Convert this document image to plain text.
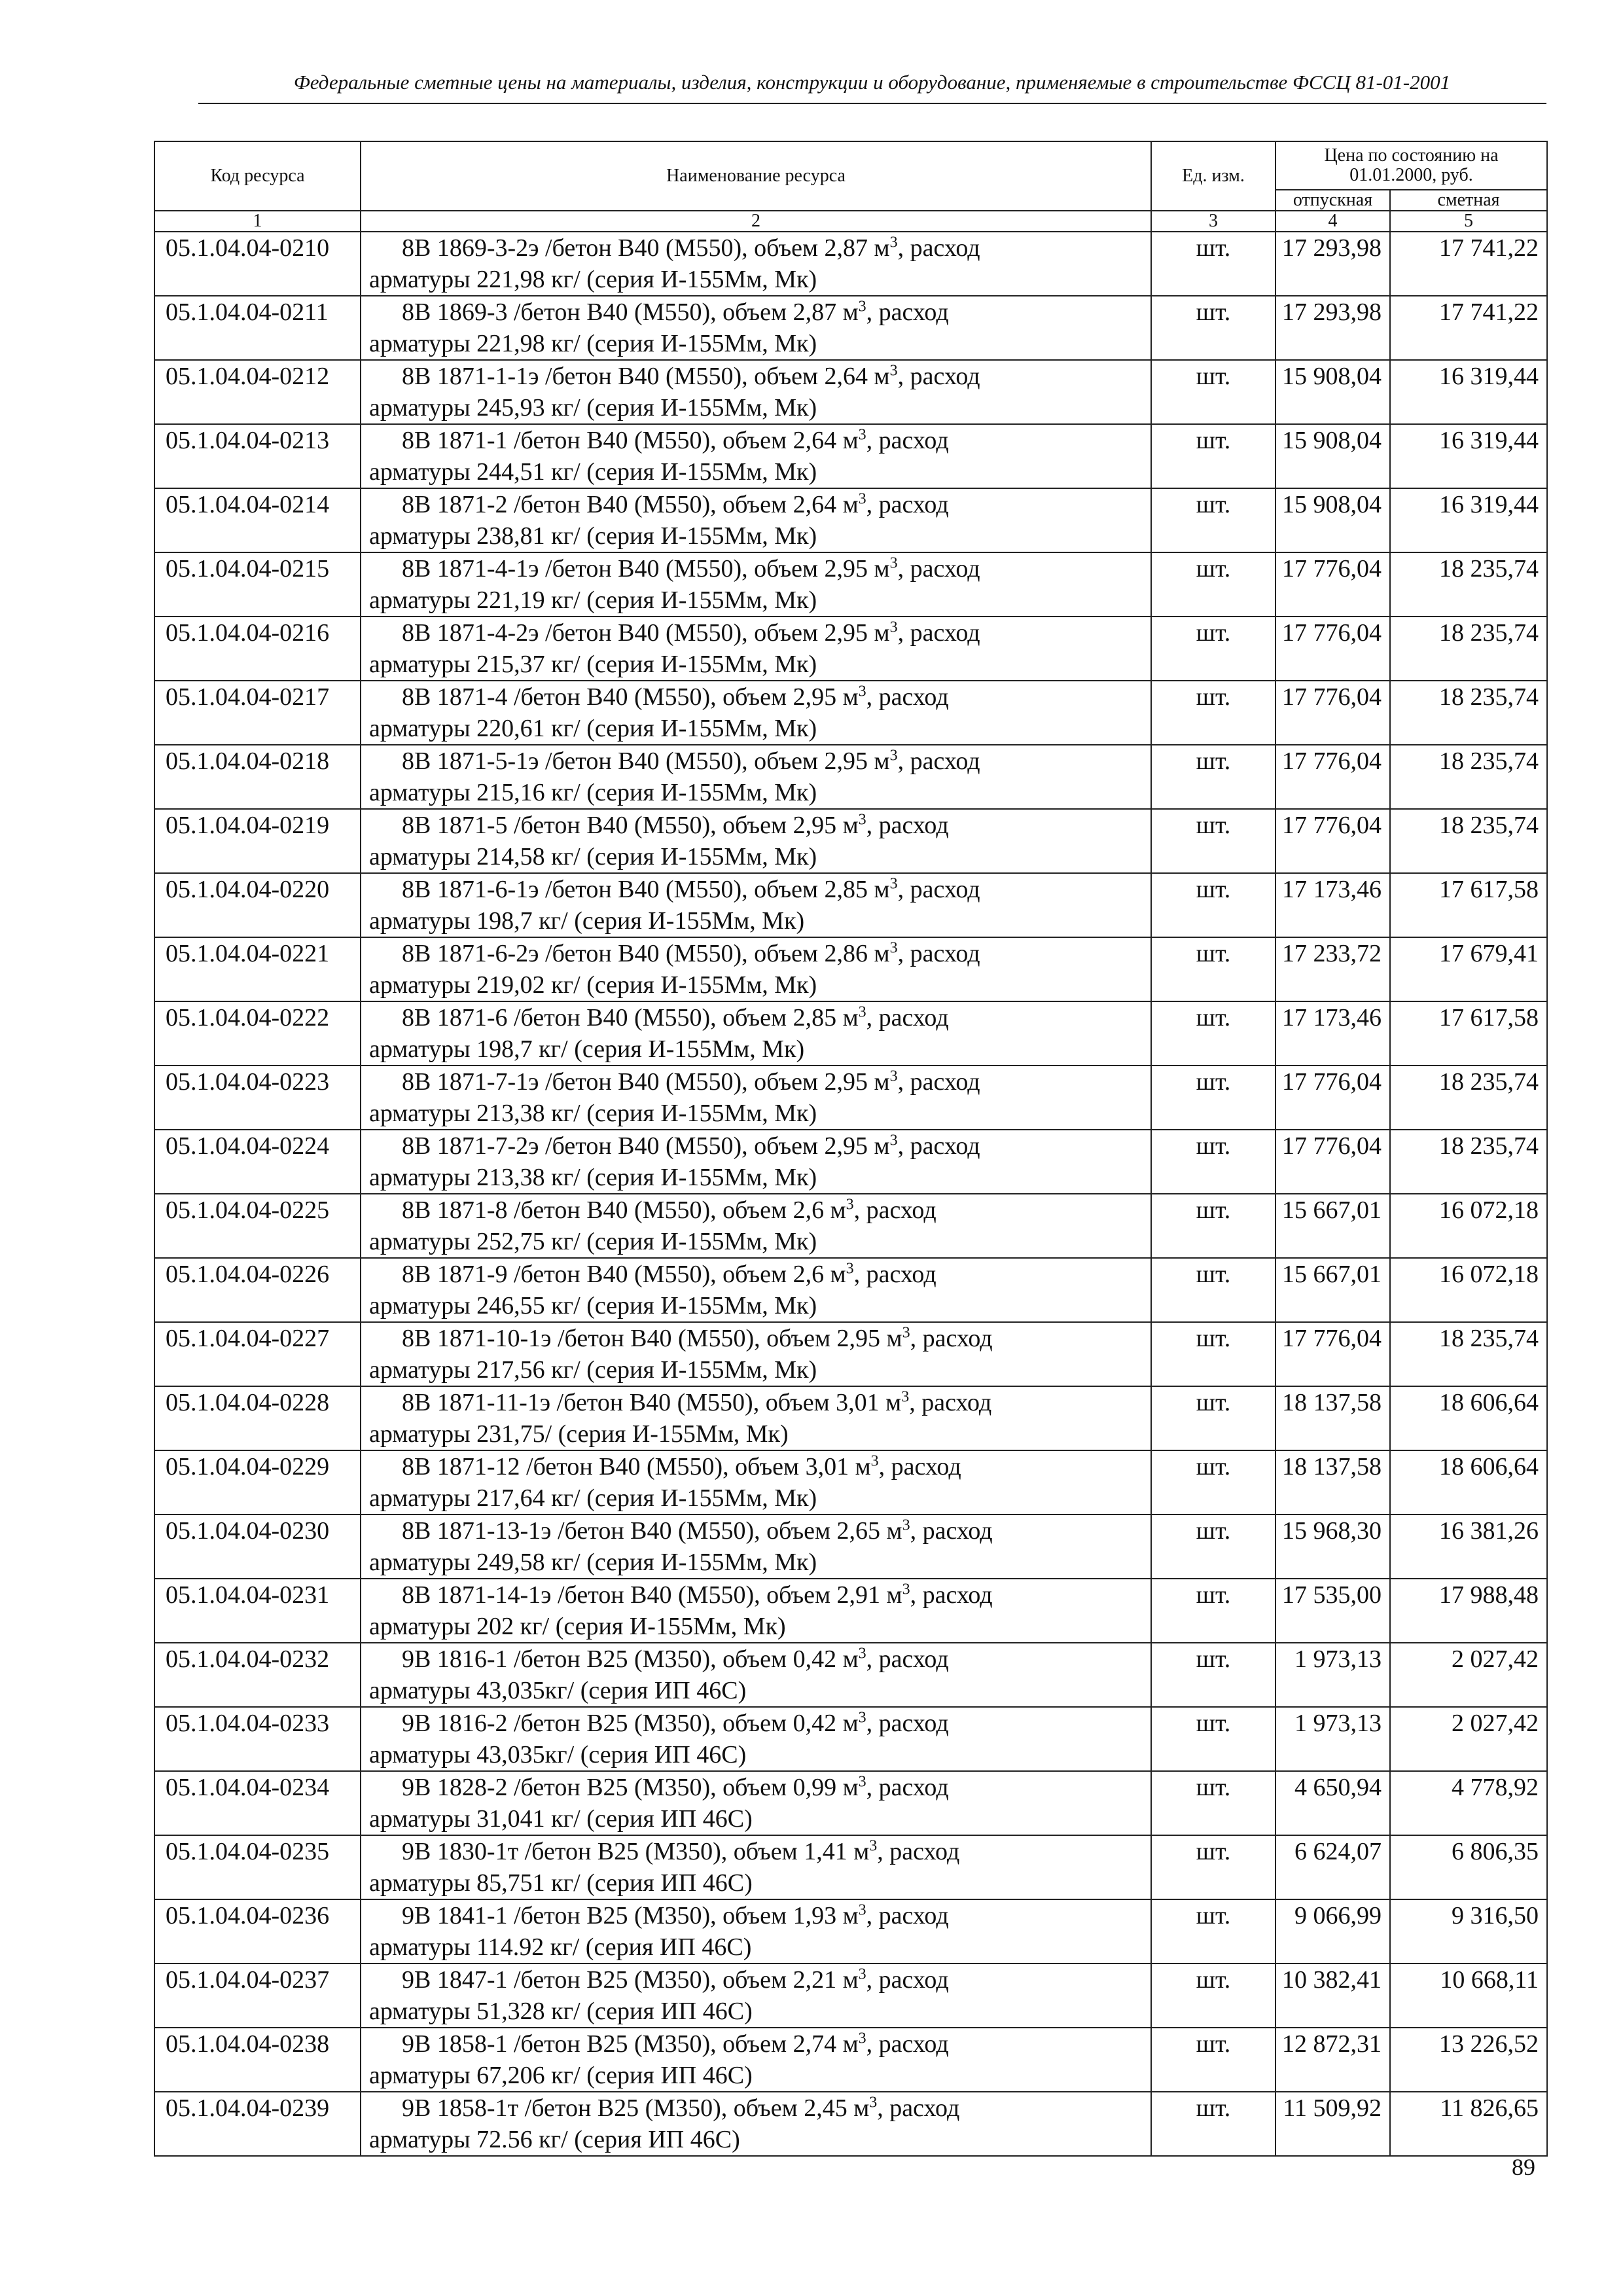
Федеральные сметные цены на материалы, изделия, конструкции и оборудование, применяемые в строительстве ФССЦ 81-01-2001
Код ресурса	Наименование ресурса	Ед. изм.	Цена по состоянию на 01.01.2000, руб.	
			отпускная	сметная
1	2	3	4	5
05.1.04.04-0210	8В 1869-3-2э /бетон В40 (М550), объем 2,87 $м^3$, расход
арматуры 221,98 кг/ (серия И-155Мм, Мк)	шт.	17 293,98	17 741,22
05.1.04.04-0211	8В 1869-3 /бетон В40 (М550), объем 2,87 $м^3$, расход
арматуры 221,98 кг/ (серия И-155Мм, Мк)	шт.	17 293,98	17 741,22
05.1.04.04-0212	8В 1871-1-1э /бетон В40 (М550), объем 2,64 $м^3$, расход
арматуры 245,93 кг/ (серия И-155Мм, Мк)	шт.	15 908,04	16 319,44
05.1.04.04-0213	8В 1871-1 /бетон В40 (М550), объем 2,64 $м^3$, расход
арматуры 244,51 кг/ (серия И-155Мм, Мк)	шт.	15 908,04	16 319,44
05.1.04.04-0214	8В 1871-2 /бетон В40 (М550), объем 2,64 $м^3$, расход
арматуры 238,81 кг/ (серия И-155Мм, Мк)	шт.	15 908,04	16 319,44
05.1.04.04-0215	8В 1871-4-1э /бетон В40 (М550), объем 2,95 $м^3$, расход
арматуры 221,19 кг/ (серия И-155Мм, Мк)	шт.	17 776,04	18 235,74
05.1.04.04-0216	8В 1871-4-2э /бетон В40 (М550), объем 2,95 $м^3$, расход
арматуры 215,37 кг/ (серия И-155Мм, Мк)	шт.	17 776,04	18 235,74
05.1.04.04-0217	8В 1871-4 /бетон В40 (М550), объем 2,95 $м^3$, расход
арматуры 220,61 кг/ (серия И-155Мм, Мк)	шт.	17 776,04	18 235,74
05.1.04.04-0218	8В 1871-5-1э /бетон В40 (М550), объем 2,95 $м^3$, расход
арматуры 215,16 кг/ (серия И-155Мм, Мк)	шт.	17 776,04	18 235,74
05.1.04.04-0219	8В 1871-5 /бетон В40 (М550), объем 2,95 $м^3$, расход
арматуры 214,58 кг/ (серия И-155Мм, Мк)	шт.	17 776,04	18 235,74
05.1.04.04-0220	8В 1871-6-1э /бетон В40 (М550), объем 2,85 $м^3$, расход
арматуры 198,7 кг/ (серия И-155Мм, Мк)	шт.	17 173,46	17 617,58
05.1.04.04-0221	8В 1871-6-2э /бетон В40 (М550), объем 2,86 $м^3$, расход
арматуры 219,02 кг/ (серия И-155Мм, Мк)	шт.	17 233,72	17 679,41
05.1.04.04-0222	8В 1871-6 /бетон В40 (М550), объем 2,85 $м^3$, расход
арматуры 198,7 кг/ (серия И-155Мм, Мк)	шт.	17 173,46	17 617,58
05.1.04.04-0223	8В 1871-7-1э /бетон В40 (М550), объем 2,95 $м^3$, расход
арматуры 213,38 кг/ (серия И-155Мм, Мк)	шт.	17 776,04	18 235,74
05.1.04.04-0224	8В 1871-7-2э /бетон В40 (М550), объем 2,95 $м^3$, расход
арматуры 213,38 кг/ (серия И-155Мм, Мк)	шт.	17 776,04	18 235,74
05.1.04.04-0225	8В 1871-8 /бетон В40 (М550), объем 2,6 $м^3$, расход
арматуры 252,75 кг/ (серия И-155Мм, Мк)	шт.	15 667,01	16 072,18
05.1.04.04-0226	8В 1871-9 /бетон В40 (М550), объем 2,6 $м^3$, расход
арматуры 246,55 кг/ (серия И-155Мм, Мк)	шт.	15 667,01	16 072,18
05.1.04.04-0227	8В 1871-10-1э /бетон В40 (М550), объем 2,95 $м^3$, расход
арматуры 217,56 кг/ (серия И-155Мм, Мк)	шт.	17 776,04	18 235,74
05.1.04.04-0228	8В 1871-11-1э /бетон В40 (М550), объем 3,01 $м^3$, расход
арматуры 231,75/ (серия И-155Мм, Мк)	шт.	18 137,58	18 606,64
05.1.04.04-0229	8В 1871-12 /бетон В40 (М550), объем 3,01 $м^3$, расход
арматуры 217,64 кг/ (серия И-155Мм, Мк)	шт.	18 137,58	18 606,64
05.1.04.04-0230	8В 1871-13-1э /бетон В40 (М550), объем 2,65 $м^3$, расход
арматуры 249,58 кг/ (серия И-155Мм, Мк)	шт.	15 968,30	16 381,26
05.1.04.04-0231	8В 1871-14-1э /бетон В40 (М550), объем 2,91 $м^3$, расход
арматуры 202 кг/ (серия И-155Мм, Мк)	шт.	17 535,00	17 988,48
05.1.04.04-0232	9В 1816-1 /бетон В25 (М350), объем 0,42 $м^3$, расход
арматуры 43,035кг/ (серия ИП 46С)	шт.	1 973,13	2 027,42
05.1.04.04-0233	9В 1816-2 /бетон В25 (М350), объем 0,42 $м^3$, расход
арматуры 43,035кг/ (серия ИП 46С)	шт.	1 973,13	2 027,42
05.1.04.04-0234	9В 1828-2 /бетон В25 (М350), объем 0,99 $м^3$, расход
арматуры 31,041 кг/ (серия ИП 46С)	шт.	4 650,94	4 778,92
05.1.04.04-0235	9В 1830-1т /бетон В25 (М350), объем 1,41 $м^3$, расход
арматуры 85,751 кг/ (серия ИП 46С)	шт.	6 624,07	6 806,35
05.1.04.04-0236	9В 1841-1 /бетон В25 (М350), объем 1,93 $м^3$, расход
арматуры 114.92 кг/ (серия ИП 46С)	шт.	9 066,99	9 316,50
05.1.04.04-0237	9В 1847-1 /бетон В25 (М350), объем 2,21 $м^3$, расход
арматуры 51,328 кг/ (серия ИП 46С)	шт.	10 382,41	10 668,11
05.1.04.04-0238	9В 1858-1 /бетон В25 (М350), объем 2,74 $м^3$, расход
арматуры 67,206 кг/ (серия ИП 46С)	шт.	12 872,31	13 226,52
05.1.04.04-0239	9В 1858-1т /бетон В25 (М350), объем 2,45 $м^3$, расход
арматуры 72.56 кг/ (серия ИП 46С)	шт.	11 509,92	11 826,65
89
